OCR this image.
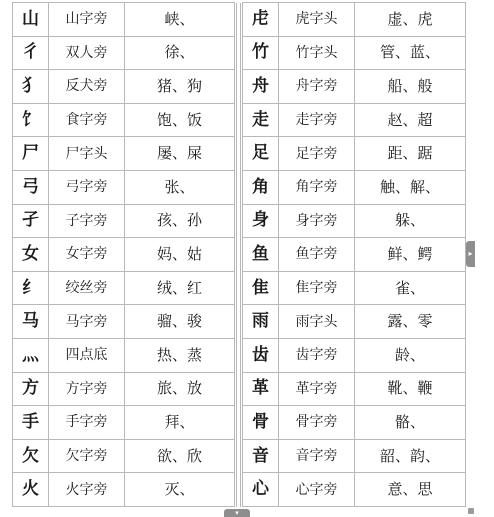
山	山字旁	峡、		虍	虎字头	虚、虎
彳	双人旁	徐、		竹	竹字头	管、蓝、
犭	反犬旁	猪、狗		舟	舟字旁	船、般
饣	食字旁	饱、饭		走	走字旁	赵、超
尸	尸字头	屡、屎		足	足字旁	距、踞
弓	弓字旁	张、		角	角字旁	触、解、
孑	子字旁	孩、孙		身	身字旁	躲、
女	女字旁	妈、姑		鱼	鱼字旁	鲜、鳄
纟	绞丝旁	绒、红		隹	隹字旁	雀、
马	马字旁	骝、骏		雨	雨字头	露、零
灬	四点底	热、蒸		齿	齿字旁	龄、
方	方字旁	旅、放		革	革字旁	靴、鞭
手	手字旁	拜、		骨	骨字旁	骼、
欠	欠字旁	欲、欣		音	音字旁	韶、韵、
火	火字旁	灭、		心	心字旁	意、思
▸
▾
